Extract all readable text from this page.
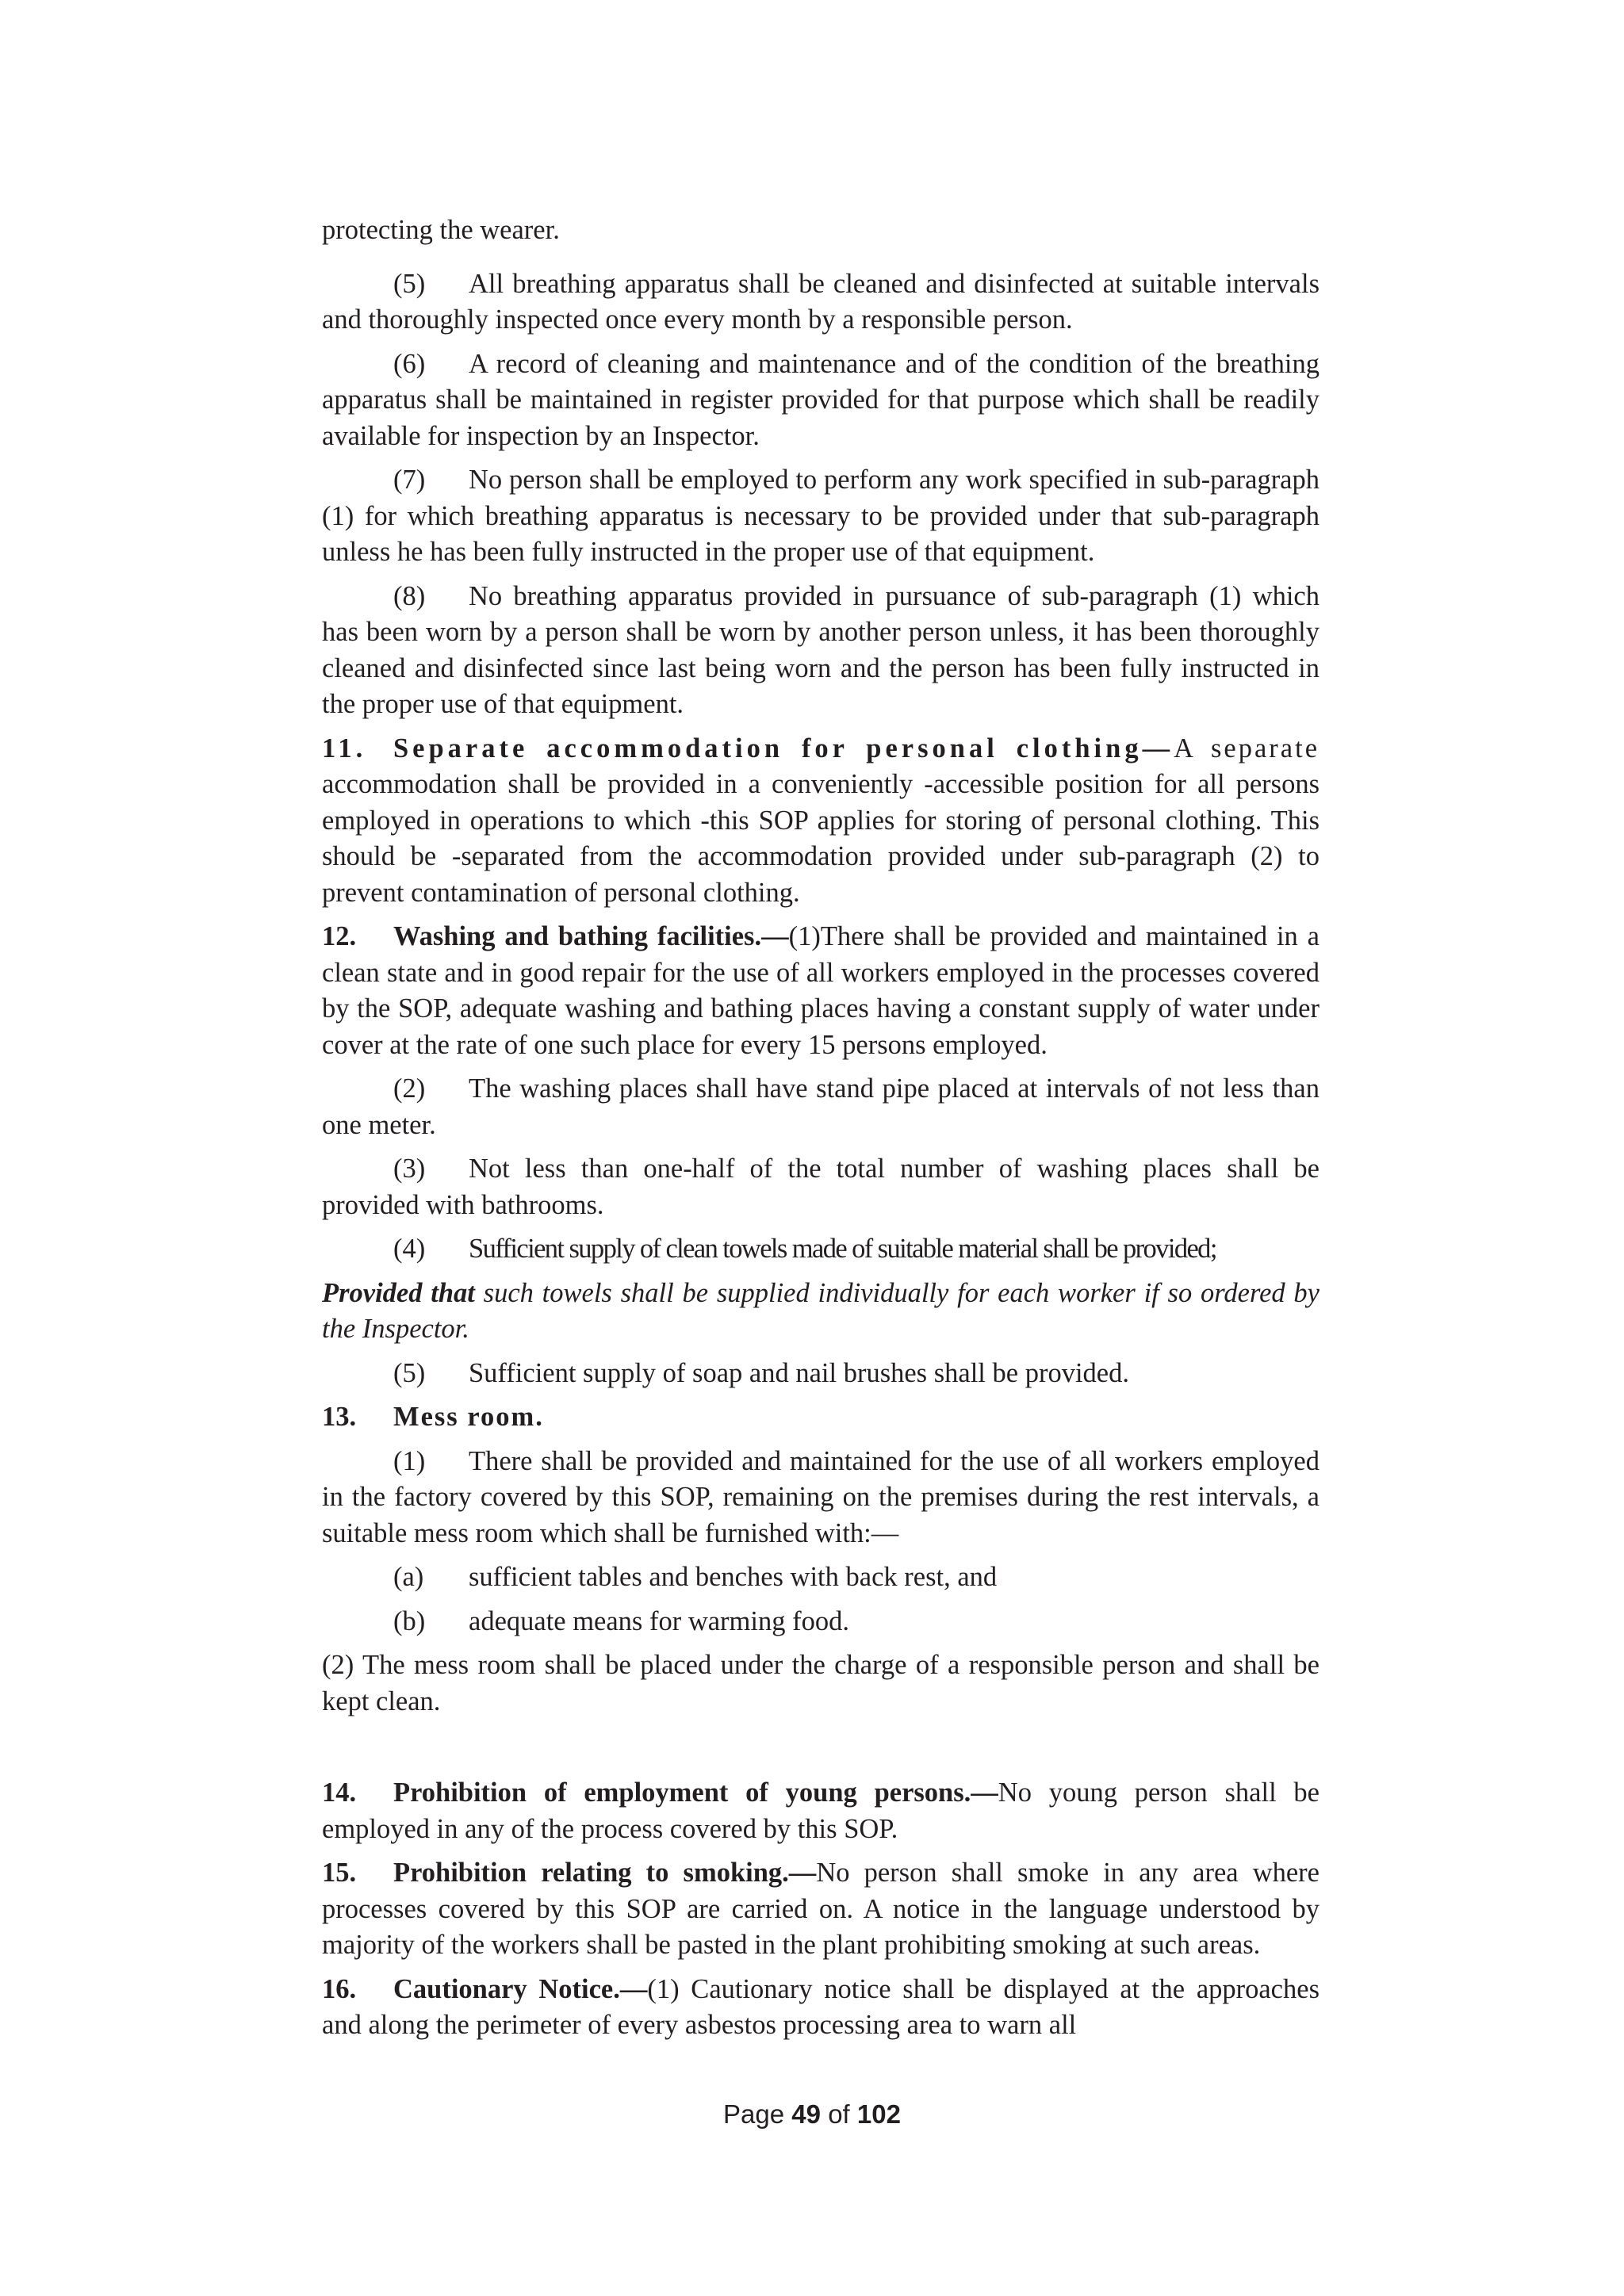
protecting the wearer.

(5) All breathing apparatus shall be cleaned and disinfected at suitable intervals and thoroughly inspected once every month by a responsible person.

(6) A record of cleaning and maintenance and of the condition of the breathing apparatus shall be maintained in register provided for that purpose which shall be readily available for inspection by an Inspector.

(7) No person shall be employed to perform any work specified in sub-paragraph (1) for which breathing apparatus is necessary to be provided under that sub-paragraph unless he has been fully instructed in the proper use of that equipment.

(8) No breathing apparatus provided in pursuance of sub-paragraph (1) which has been worn by a person shall be worn by another person unless, it has been thoroughly cleaned and disinfected since last being worn and the person has been fully instructed in the proper use of that equipment.

11. Separate accommodation for personal clothing—A separate accommodation shall be provided in a conveniently -accessible position for all persons employed in operations to which -this SOP applies for storing of personal clothing. This should be -separated from the accommodation provided under sub-paragraph (2) to prevent contamination of personal clothing.

12. Washing and bathing facilities.—(1)There shall be provided and maintained in a clean state and in good repair for the use of all workers employed in the processes covered by the SOP, adequate washing and bathing places having a constant supply of water under cover at the rate of one such place for every 15 persons employed.

(2) The washing places shall have stand pipe placed at intervals of not less than one meter.

(3) Not less than one-half of the total number of washing places shall be provided with bathrooms.

(4) Sufficient supply of clean towels made of suitable material shall be provided;

Provided that such towels shall be supplied individually for each worker if so ordered by the Inspector.

(5) Sufficient supply of soap and nail brushes shall be provided.

13. Mess room.

(1) There shall be provided and maintained for the use of all workers employed in the factory covered by this SOP, remaining on the premises during the rest intervals, a suitable mess room which shall be furnished with:—

(a) sufficient tables and benches with back rest, and

(b) adequate means for warming food.

(2) The mess room shall be placed under the charge of a responsible person and shall be kept clean.

14. Prohibition of employment of young persons.—No young person shall be employed in any of the process covered by this SOP.

15. Prohibition relating to smoking.—No person shall smoke in any area where processes covered by this SOP are carried on. A notice in the language understood by majority of the workers shall be pasted in the plant prohibiting smoking at such areas.

16. Cautionary Notice.—(1) Cautionary notice shall be displayed at the approaches and along the perimeter of every asbestos processing area to warn all

Page 49 of 102
